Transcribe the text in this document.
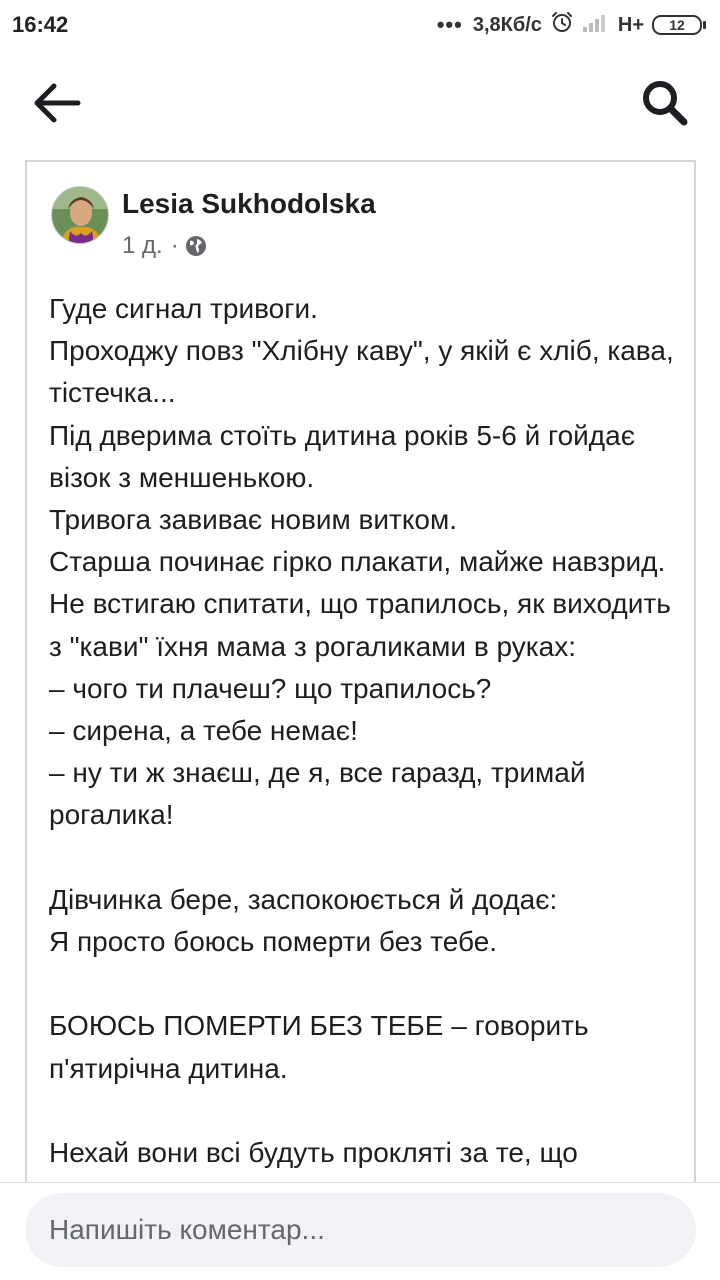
16:42	••• 3,8Кб/с	H+	12
Lesia Sukhodolska
1 д. ·

Гуде сигнал тривоги.

Проходжу повз "Хлібну каву", у якій є хліб, кава, тістечка...

Під дверима стоїть дитина років 5-6 й гойдає візок з меншенькою.

Тривога завиває новим витком.

Старша починає гірко плакати, майже навзрид. Не встигаю спитати, що трапилось, як виходить з "кави" їхня мама з рогаликами в руках:

– чого ти плачеш? що трапилось?

– сирена, а тебе немає!

– ну ти ж знаєш, де я, все гаразд, тримай рогалика!

Дівчинка бере, заспокоюється й додає:

Я просто боюсь померти без тебе.

БОЮСЬ ПОМЕРТИ БЕЗ ТЕБЕ – говорить п'ятирічна дитина.

Нехай вони всі будуть прокляті за те, що

Напишіть коментар...
